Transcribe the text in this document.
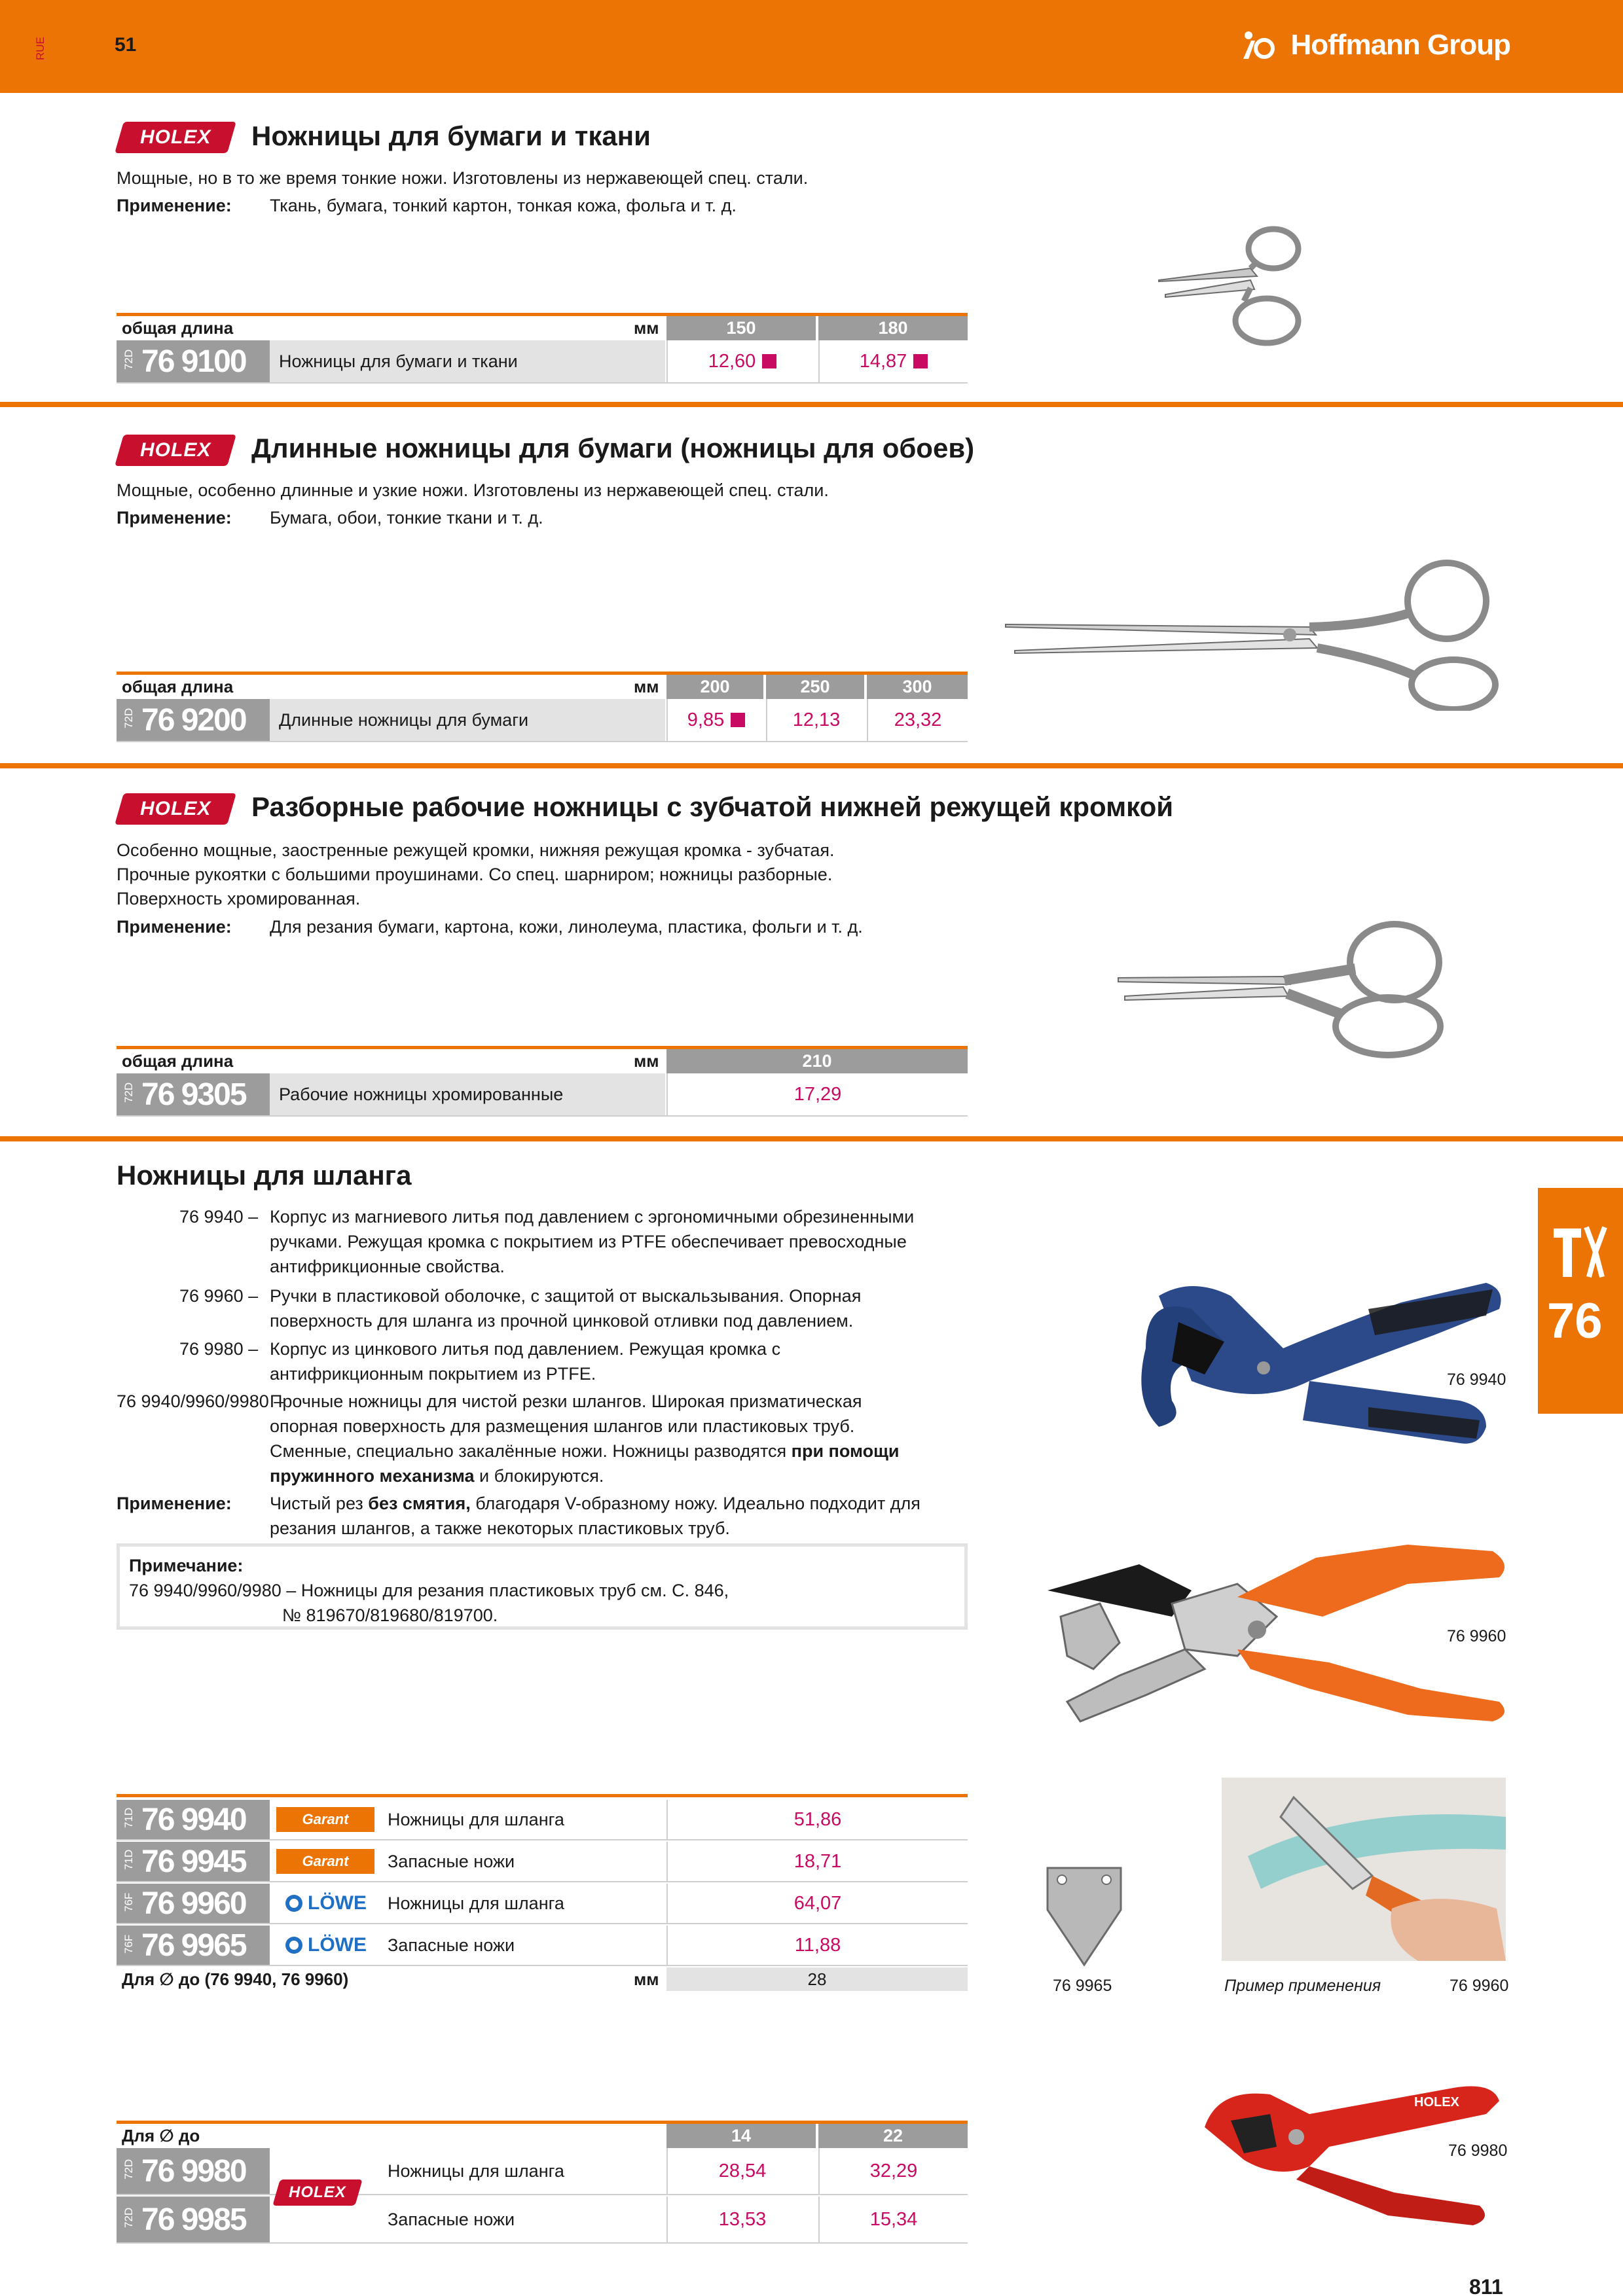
RUE	51	Hoffmann Group
HOLEX Ножницы для бумаги и ткани
Мощные, но в то же время тонкие ножи. Изготовлены из нержавеющей спец. стали.
Применение: Ткань, бумага, тонкий картон, тонкая кожа, фольга и т. д.
общая длина	мм	150	180
72D 76 9100	Ножницы для бумаги и ткани	12,60	14,87
HOLEX Длинные ножницы для бумаги (ножницы для обоев)
Мощные, особенно длинные и узкие ножи. Изготовлены из нержавеющей спец. стали.
Применение: Бумага, обои, тонкие ткани и т. д.
общая длина	мм	200	250	300
72D 76 9200	Длинные ножницы для бумаги	9,85	12,13	23,32
HOLEX Разборные рабочие ножницы с зубчатой нижней режущей кромкой
Особенно мощные, заостренные режущей кромки, нижняя режущая кромка - зубчатая.
Прочные рукоятки с большими проушинами. Со спец. шарниром; ножницы разборные.
Поверхность хромированная.
Применение: Для резания бумаги, картона, кожи, линолеума, пластика, фольги и т. д.
общая длина	мм	210
72D 76 9305	Рабочие ножницы хромированные	17,29
76
Ножницы для шланга
76 9940 – Корпус из магниевого литья под давлением с эргономичными обрезиненными
ручками. Режущая кромка с покрытием из PTFE обеспечивает превосходные
антифрикционные свойства.
76 9960 – Ручки в пластиковой оболочке, с защитой от выскальзывания. Опорная
поверхность для шланга из прочной цинковой отливки под давлением.
76 9980 – Корпус из цинкового литья под давлением. Режущая кромка с
антифрикционным покрытием из PTFE.
76 9940/9960/9980 –
Прочные ножницы для чистой резки шлангов. Широкая призматическая
опорная поверхность для размещения шлангов или пластиковых труб.
Сменные, специально закалённые ножи. Ножницы разводятся при помощи
пружинного механизма и блокируются.
Применение: Чистый рез без смятия, благодаря V-образному ножу. Идеально подходит для
резания шлангов, а также некоторых пластиковых труб.
Примечание:
76 9940/9960/9980 – Ножницы для резания пластиковых труб см. С. 846,
№ 819670/819680/819700.
76 9940
76 9960
76 9965	Пример применения	76 9960
HOLEX
76 9980
71D 76 9940	Garant	Ножницы для шланга	51,86
71D 76 9945	Garant	Запасные ножи	18,71
76F 76 9960	LÖWE	Ножницы для шланга	64,07
76F 76 9965	LÖWE	Запасные ножи	11,88
Для ∅ до (76 9940, 76 9960)	мм	28
Для ∅ до	14	22
72D 76 9980	Ножницы для шланга	28,54	32,29
72D 76 9985	Запасные ножи	13,53	15,34
HOLEX
811
